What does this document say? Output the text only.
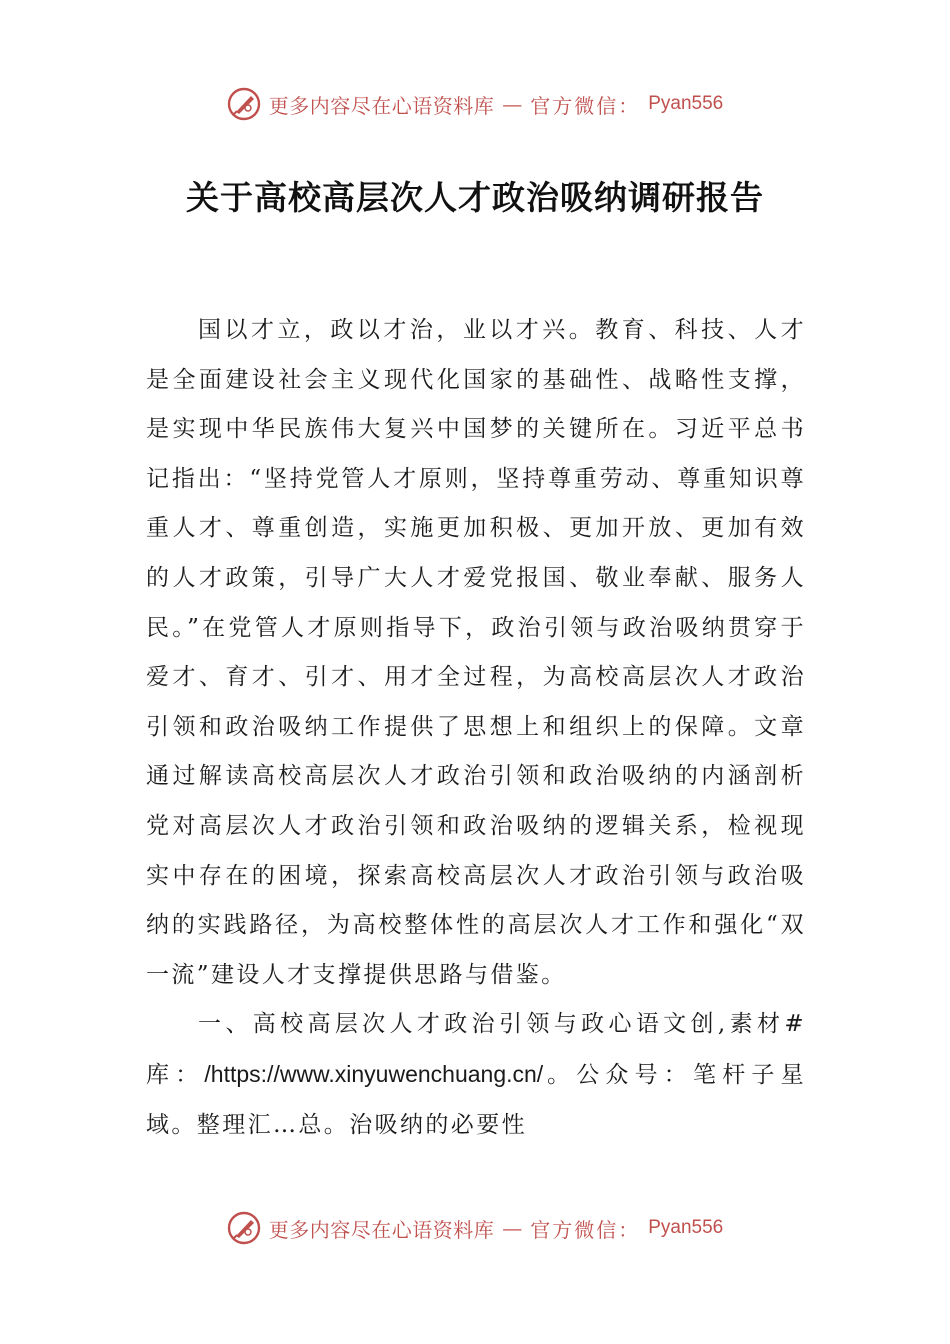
更多内容尽在心语资料库 — 官方微信： Pyan556
关于高校高层次人才政治吸纳调研报告

国以才立，政以才治，业以才兴。教育、科技、人才是全面建设社会主义现代化国家的基础性、战略性支撑，是实现中华民族伟大复兴中国梦的关键所在。习近平总书记指出：“坚持党管人才原则，坚持尊重劳动、尊重知识尊重人才、尊重创造，实施更加积极、更加开放、更加有效的人才政策，引导广大人才爱党报国、敬业奉献、服务人民。”在党管人才原则指导下，政治引领与政治吸纳贯穿于爱才、育才、引才、用才全过程，为高校高层次人才政治引领和政治吸纳工作提供了思想上和组织上的保障。文章通过解读高校高层次人才政治引领和政治吸纳的内涵剖析党对高层次人才政治引领和政治吸纳的逻辑关系，检视现实中存在的困境，探索高校高层次人才政治引领与政治吸纳的实践路径，为高校整体性的高层次人才工作和强化“双一流”建设人才支撑提供思路与借鉴。

一、高校高层次人才政治引领与政心语文创,素材#库：/https://www.xinyuwenchuang.cn/。公众号：笔杆子星域。整理汇…总。治吸纳的必要性

更多内容尽在心语资料库 — 官方微信： Pyan556
